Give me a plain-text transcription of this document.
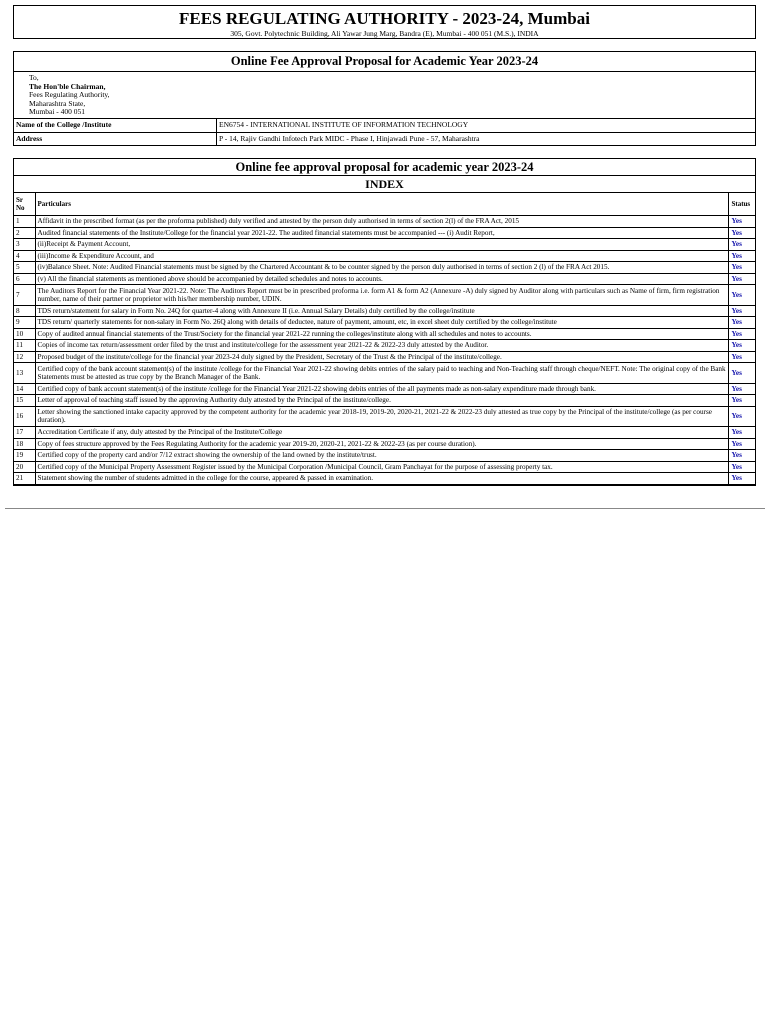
FEES REGULATING AUTHORITY - 2023-24, Mumbai
305, Govt. Polytechnic Building, Ali Yawar Jung Marg, Bandra (E), Mumbai - 400 051 (M.S.), INDIA
Online Fee Approval Proposal for Academic Year 2023-24
To,
The Hon'ble Chairman,
Fees Regulating Authority,
Maharashtra State,
Mumbai - 400 051
Name of the College /Institute	EN6754 - INTERNATIONAL INSTITUTE OF INFORMATION TECHNOLOGY
Address	P - 14, Rajiv Gandhi Infotech Park MIDC - Phase I, Hinjawadi Pune - 57, Maharashtra
Online fee approval proposal for academic year 2023-24		
INDEX		
Sr No	Particulars	Status
1	Affidavit in the prescribed format (as per the proforma published) duly verified and attested by the person duly authorised in terms of section 2(l) of the FRA Act, 2015	Yes
2	Audited financial statements of the Institute/College for the financial year 2021-22. The audited financial statements must be accompanied --- (i) Audit Report,	Yes
3	(ii)Receipt & Payment Account,	Yes
4	(iii)Income & Expenditure Account, and	Yes
5	(iv)Balance Sheet. Note: Audited Financial statements must be signed by the Chartered Accountant & to be counter signed by the person duly authorised in terms of section 2 (l) of the FRA Act 2015.	Yes
6	(v) All the financial statements as mentioned above should be accompanied by detailed schedules and notes to accounts.	Yes
7	The Auditors Report for the Financial Year 2021-22. Note: The Auditors Report must be in prescribed proforma i.e. form A1 & form A2 (Annexure -A) duly signed by Auditor along with particulars such as Name of firm, firm registration number, name of their partner or proprietor with his/her membership number, UDIN.	Yes
8	TDS return/statement for salary in Form No. 24Q for quarter-4 along with Annexure II (i.e. Annual Salary Details) duly certified by the college/institute	Yes
9	TDS return/ quarterly statements for non-salary in Form No. 26Q along with details of deductee, nature of payment, amount, etc, in excel sheet duly certified by the college/institute	Yes
10	Copy of audited annual financial statements of the Trust/Society for the financial year 2021-22 running the colleges/institute along with all schedules and notes to accounts.	Yes
11	Copies of income tax return/assessment order filed by the trust and institute/college for the assessment year 2021-22 & 2022-23 duly attested by the Auditor.	Yes
12	Proposed budget of the institute/college for the financial year 2023-24 duly signed by the President, Secretary of the Trust & the Principal of the institute/college.	Yes
13	Certified copy of the bank account statement(s) of the institute /college for the Financial Year 2021-22 showing debits entries of the salary paid to teaching and Non-Teaching staff through cheque/NEFT. Note: The original copy of the Bank Statements must be attested as true copy by the Branch Manager of the Bank.	Yes
14	Certified copy of bank account statement(s) of the institute /college for the Financial Year 2021-22 showing debits entries of the all payments made as non-salary expenditure made through bank.	Yes
15	Letter of approval of teaching staff issued by the approving Authority duly attested by the Principal of the institute/college.	Yes
16	Letter showing the sanctioned intake capacity approved by the competent authority for the academic year 2018-19, 2019-20, 2020-21, 2021-22 & 2022-23 duly attested as true copy by the Principal of the institute/college (as per course duration).	Yes
17	Accreditation Certificate if any, duly attested by the Principal of the Institute/College	Yes
18	Copy of fees structure approved by the Fees Regulating Authority for the academic year 2019-20, 2020-21, 2021-22 & 2022-23 (as per course duration).	Yes
19	Certified copy of the property card and/or 7/12 extract showing the ownership of the land owned by the institute/trust.	Yes
20	Certified copy of the Municipal Property Assessment Register issued by the Municipal Corporation /Municipal Council, Gram Panchayat for the purpose of assessing property tax.	Yes
21	Statement showing the number of students admitted in the college for the course, appeared & passed in examination.	Yes
